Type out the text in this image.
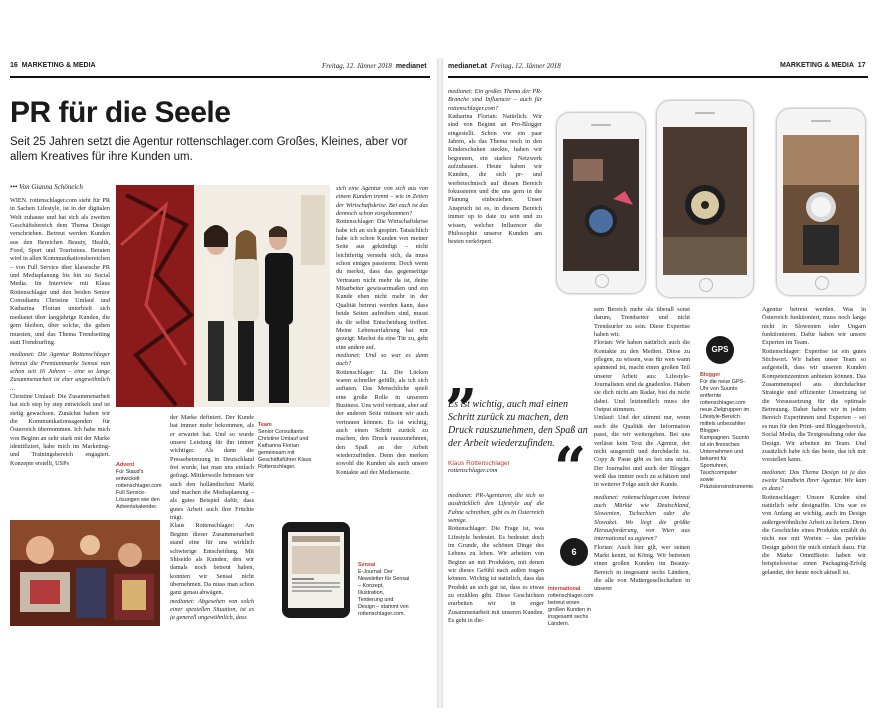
16 MARKETING & MEDIA	Freitag, 12. Jänner 2018 medianet	medianet.at Freitag, 12. Jänner 2018	MARKETING & MEDIA 17
PR für die Seele
Seit 25 Jahren setzt die Agentur rottenschlager.com Großes, Kleines, aber vor allem Kreatives für ihre Kunden um.
••• Von Gianna Schöneich

WIEN. rottenschlager.com sieht für PR in Sachen Lifestyle, ist in der digitalen Welt zuhause und hat sich als zweiten Geschäftsbereich dem Thema Design verschrieben. Betreut werden Kunden aus den Bereichen Beauty, Health, Food, Sport und Tourismus. Beraten wird in allen Kommunikationsbereichen – von Full Service über klassische PR und Mediaplanung bis hin zu Social Media. Im Interview mit Klaus Rottenschlager und den beiden Senior Consultants Christine Umlauf und Katharina Florian unterhielt sich medianet über langjährige Kunden, die gern bleiben, über solche, die gehen mussten, und das Thema Trendsetting statt Trendsurfing.

medianet: Die Agentur Rottenschlager betreut die Premiummarke Sensai nun schon seit 16 Jahren – eine so lange Zusammenarbeit ist eher ungewöhnlich …

Christine Umlauf: Die Zusammenarbeit hat sich step by step entwickelt und ist stetig gewachsen. Zunächst haben wir die Kommunikationsagenden für Österreich übernommen. Ich habe mich von Beginn an sehr stark mit der Marke identifiziert, habe mich im Marketing- und Trainingsbereich engagiert. Konzepte erstellt, USPs

Team
Senior Consultants Christine Umlauf und Katharina Florian gemeinsam mit Geschäftsführer Klaus Rottenschlager.
Advent
Für Staud's entwickelt rottenschlager.com Full Service-Lösungen wie den Adventskalender.

der Marke definiert. Der Kunde hat immer mehr bekommen, als er erwartet hat. Und so wurde unsere Leistung für ihn immer wichtiger. Als dann die Pressebetreuung in Deutschland frei wurde, hat man uns einfach gefragt. Mittlerweile betreuen wir auch den holländischen Markt und machen die Mediaplanung – als gutes Beispiel dafür, dass gutes Arbeit auch ihre Früchte trägt.

Klaus Rottenschlager: Am Beginn dieser Zusammenarbeit stand eine für uns wirklich schwierige Entscheidung. Mit Shiseido als Kunden, den wir damals noch betreut haben, konnten wir Sensai nicht übernehmen. Da muss man schon ganz genau abwägen.

medianet: Abgesehen von solch einer speziellen Situation, ist es ja generell ungewöhnlich, dass

Sensai
E-Journal: Der Newsletter für Sensai – Konzept, Illustration, Textierung und Design – stammt von rottenschlager.com.

sich eine Agentur von sich aus von einem Kunden trennt – wie in Zeiten der Wirtschaftskrise. Bei euch ist das dennoch schon vorgekommen?

Rottenschlager: Die Wirtschaftskrise habe ich an sich gespürt. Tatsächlich habe ich schon Kunden von meiner Seite aus gekündigt – nicht leichtfertig versteht sich, da muss schon einiges passieren. Doch wenn du merkst, dass das gegenseitige Vertrauen nicht mehr da ist, deine Mitarbeiter gewissermaßen und ein Kunde eben nicht mehr in der Qualität betreut werden kann, dass beide Seiten aufreiben sind, musst du dir selbst Entscheidung treffen. Meine Lebenserfahrung hat mir gezeigt: Machst du eine Tür zu, geht eine andere auf.

medianet: Und so war es dann auch?

Rottenschlager: Ja. Die Lücken waren schneller gefüllt, als ich sich auftaten. Das Menschliche spielt eine große Rolle in unserem Business. Uns wird vertraut, aber auf der anderen Seite müssen wir auch vertrauen können. Es ist wichtig, auch einen Schritt zurück zu machen, den Druck rauszunehmen, den Spaß an der Arbeit wiederzufinden. Denn den merken sowohl die Kunden als auch unsere Kontakte auf der Medienseite.

medianet: Ein großes Thema der PR-Branche sind Influencer – auch für rottenschlager.com?

Katharina Florian: Natürlich. Wir sind von Beginn an Pro-Blogger eingestellt. Schon vor ein paar Jahren, als das Thema noch in den Kinderschuhen steckte, haben wir begonnen, ein starkes Netzwerk aufzubauen. Heute haben wir Kunden, die sich pr- und werbetechnisch auf diesen Bereich fokussieren und die uns gern in die Planung einbeziehen. Unser Anspruch ist es, in diesem Bereich immer up to date zu sein und zu wissen, welcher Influencer die Philosophie unserer Kunden am besten verkörpert.

„
Es ist wichtig, auch mal einen Schritt zurück zu machen, den Druck rauszunehmen, den Spaß an der Arbeit wiederzufinden. “
Klaus Rottenschlager
rottenschlager.com

medianet: PR-Agenturen, die sich so ausdrücklich den Lifestyle auf die Fahne schreiben, gibt es in Österreich wenige.

Rottenschlager: Die Frage ist, was Lifestyle bedeutet. Es bedeutet doch im Grunde, die schönen Dinge des Lebens zu leben. Wir arbeiten von Beginn an mit Produkten, mit denen wir dieses Gefühl nach außen tragen können. Wichtig ist natürlich, dass das Produkt an sich gut ist, dass es etwas zu erzählen gibt. Diese Geschichten erarbeiten wir in enger Zusammenarbeit mit unseren Kunden. Es geht in die-

sem Bereich mehr als überall sonst darum, Trendsetter und nicht Trendsurfer zu sein. Diese Expertise haben wir.

Florian: Wir haben natürlich auch die Kontakte zu den Medien. Diese zu pflegen, zu wissen, was für wen wann spannend ist, macht einen großen Teil unserer Arbeit aus: Lifestyle-Journalisten sind da gnadenlos. Haben sie dich nicht am Radar, bist du nicht dabei. Und letztendlich muss der Output stimmen.

Umlauf: Und der stimmt nur, wenn auch die Qualität der Information passt, die wir weitergeben. Bei uns verlässt kein Text die Agentur, der nicht ausgereift und durchdacht ist. Copy & Paste gibt es bei uns nicht. Der Journalist und auch der Blogger weiß das immer noch zu schätzen und in weiterer Folge auch der Kunde.

medianet: rottenschlager.com betreut auch Märkte wie Deutschland, Slowenien, Tschechien oder die Slowakei. Wo liegt die größte Herausforderung, von Wien aus international zu agieren?

Florian: Auch hier gilt, wer seinen Markt kennt, ist König. Wir betreuen einen großen Kunden im Beauty-Bereich in insgesamt sechs Ländern, die alle von Muttergesellschaften in unserer

6
International
rottenschlager.com betreut einen großen Kunden in insgesamt sechs Ländern.
GPS
Blogger
Für die neue GPS-Uhr von Suunto entfernte rottenschlager.com neue Zielgruppen im Lifestyle-Bereich mittels unbezahlter Blogger-Kampagnen. Suunto ist ein finnisches Unternehmen und bekannt für Sportuhren, Tauchcomputer sowie Präzisionsinstrumente.

Agentur betreut werden. Was in Österreich funktioniert, muss noch lange nicht in Slowenien oder Ungarn funktionieren. Dafür haben wir unsere Experten im Team.

Rottenschlager: Expertise ist ein gutes Stichwort. Wir haben unser Team so aufgestellt, dass wir unseren Kunden Kompetenzzentren anbieten können. Das Zusammenspiel aus durchdachter Strategie und effizienter Umsetzung ist die Voraussetzung für die optimale Betreuung. Daher haben wir in jedem Bereich Expertinnen und Experten – sei es nun für den Print- und Bloggerbereich, Social Media, die Textgestaltung oder das Design. Wir arbeiten im Team. Und zusätzlich habe ich das beste, das ich mir vorstellen kann.

medianet: Das Thema Design ist ja das zweite Standbein Ihrer Agentur. Wie kam es dazu?

Rottenschlager: Unsere Kunden sind natürlich sehr designaffin. Uns war es von Anfang an wichtig, auch im Design außergewöhnliche Arbeit zu liefern. Denn die Geschichte eines Produkts erzählt du nicht nur mit Worten – das perfekte Design gehört für mich einfach dazu. Für die Marke OmniBiotic haben wir beispielsweise einen Packaging-Erfolg gelandet, der heute noch aktuell ist.
